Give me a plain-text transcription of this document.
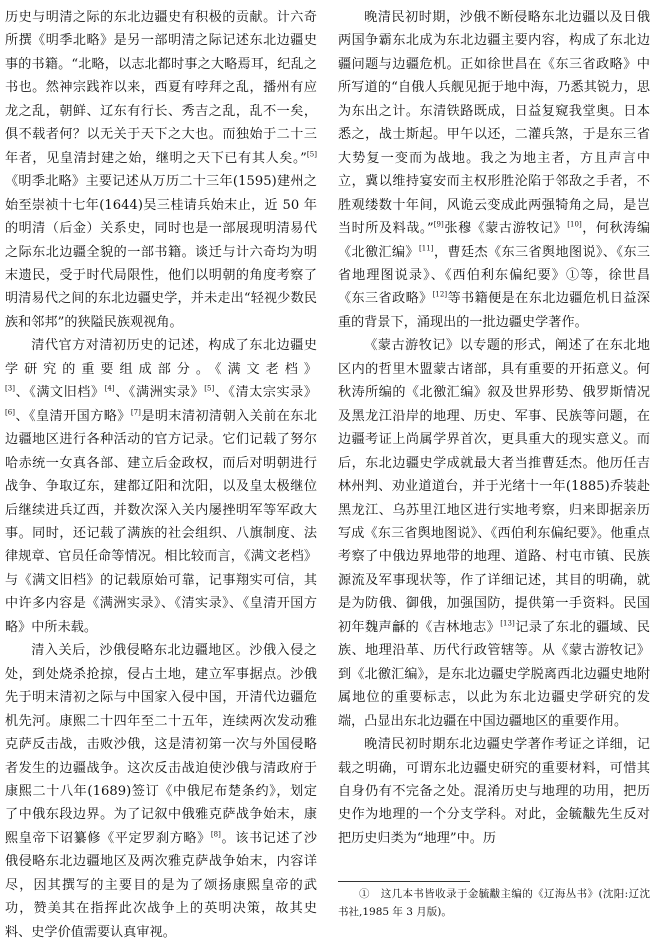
历史与明清之际的东北边疆史有积极的贡献。计六奇所撰《明季北略》是另一部明清之际记述东北边疆史事的书籍。“北略，以志北都时事之大略焉耳，纪乱之书也。然神宗践祚以来，西夏有哱拜之乱，播州有应龙之乱，朝鲜、辽东有行长、秀吉之乱，乱不一矣，俱不载者何？以无关于天下之大也。而独始于二十三年者，见皇清封建之始，继明之天下已有其人矣。”[5]《明季北略》主要记述从万历二十三年(1595)建州之始至崇祯十七年(1644)吴三桂请兵始末止，近 50 年的明清（后金）关系史，同时也是一部展现明清易代之际东北边疆全貌的一部书籍。谈迁与计六奇均为明末遗民，受于时代局限性，他们以明朝的角度考察了明清易代之间的东北边疆史学，并未走出“轻视少数民族和邻邦”的狭隘民族观视角。

清代官方对清初历史的记述，构成了东北边疆史学研究的重要组成部分。《满文老档》[3]、《满文旧档》[4]、《满洲实录》[5]、《清太宗实录》[6]、《皇清开国方略》[7]是明末清初清朝入关前在东北边疆地区进行各种活动的官方记录。它们记载了努尔哈赤统一女真各部、建立后金政权，而后对明朝进行战争、争取辽东，建都辽阳和沈阳，以及皇太极继位后继续进兵辽西，并数次深入关内屡挫明军等军政大事。同时，还记载了满族的社会组织、八旗制度、法律规章、官员任命等情况。相比较而言，《满文老档》与《满文旧档》的记载原始可靠，记事翔实可信，其中许多内容是《满洲实录》、《清实录》、《皇清开国方略》中所未载。

清入关后，沙俄侵略东北边疆地区。沙俄入侵之处，到处烧杀抢掠，侵占土地，建立军事据点。沙俄先于明末清初之际与中国家入侵中国，开清代边疆危机先河。康熙二十四年至二十五年，连续两次发动雅克萨反击战，击败沙俄，这是清初第一次与外国侵略者发生的边疆战争。这次反击战迫使沙俄与清政府于康熙二十八年(1689)签订《中俄尼布楚条约》，划定了中俄东段边界。为了记叙中俄雅克萨战争始末，康熙皇帝下诏纂修《平定罗刹方略》[8]。该书记述了沙俄侵略东北边疆地区及两次雅克萨战争始末，内容详尽，因其撰写的主要目的是为了颂扬康熙皇帝的武功，赞美其在指挥此次战争上的英明决策，故其史料、史学价值需要认真审视。

晚清民初时期，沙俄不断侵略东北边疆以及日俄两国争霸东北成为东北边疆主要内容，构成了东北边疆问题与边疆危机。正如徐世昌在《东三省政略》中所写道的“自俄人兵舰见扼于地中海，乃悉其锐力，思为东出之计。东清铁路既成，日益复窥我堂奥。日本悉之，战士斯起。甲午以还，二灌兵煞，于是东三省大势复一变而为战地。我之为地主者，方且声言中立，冀以维持宴安而主权形胜沦陷于邻敌之手者，不胜观缕数十年间，风诡云变成此两强犄角之局，是岂当时所及料哉。”[9]张穆《蒙古游牧记》[10]，何秋涛编《北徼汇编》[11]，曹廷杰《东三省舆地图说》、《东三省地理图说录》、《西伯利东偏纪要》①等，徐世昌《东三省政略》[12]等书籍便是在东北边疆危机日益深重的背景下，涌现出的一批边疆史学著作。

《蒙古游牧记》以专题的形式，阐述了在东北地区内的哲里木盟蒙古诸部，具有重要的开拓意义。何秋涛所编的《北徼汇编》叙及世界形势、俄罗斯情况及黑龙江沿岸的地理、历史、军事、民族等问题，在边疆考证上尚属学界首次，更具重大的现实意义。而后，东北边疆史学成就最大者当推曹廷杰。他历任吉林州判、劝业道道台，并于光绪十一年(1885)乔装赴黑龙江、乌苏里江地区进行实地考察，归来即据亲历写成《东三省舆地图说》、《西伯利东偏纪要》。他重点考察了中俄边界地带的地理、道路、村屯市镇、民族源流及军事现状等，作了详细记述，其目的明确，就是为防俄、御俄，加强国防，提供第一手资料。民国初年魏声龢的《吉林地志》[13]记录了东北的疆域、民族、地理沿革、历代行政管辖等。从《蒙古游牧记》到《北徼汇编》，是东北边疆史学脱离西北边疆史地附属地位的重要标志，以此为东北边疆史学研究的发端，凸显出东北边疆在中国边疆地区的重要作用。

晚清民初时期东北边疆史学著作考证之详细，记载之明确，可谓东北边疆史研究的重要材料，可惜其自身仍有不完备之处。混淆历史与地理的功用，把历史作为地理的一个分支学科。对此，金毓黻先生反对把历史归类为“地理”中。历

①　这几本书皆收录于金毓黻主编的《辽海丛书》(沈阳:辽沈书社,1985 年 3 月版)。
